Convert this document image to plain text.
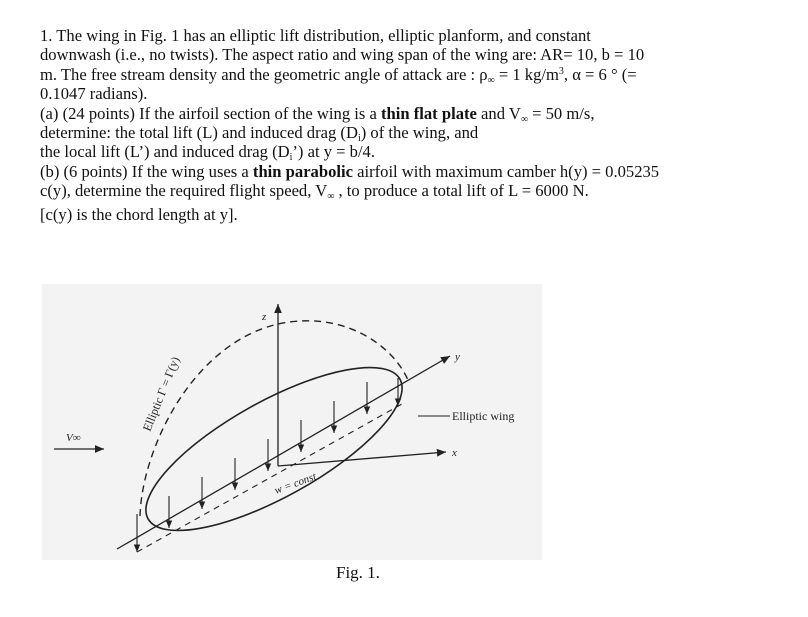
1. The wing in Fig. 1 has an elliptic lift distribution, elliptic planform, and constant
downwash (i.e., no twists). The aspect ratio and wing span of the wing are: AR= 10, b = 10
m. The free stream density and the geometric angle of attack are : $\rho_\infty = 1$ $kg/m^3$, α = 6 ° (=
0.1047 radians).
(a) (24 points) If the airfoil section of the wing is a thin flat plate and $V_\infty = 50$ m/s,
determine: the total lift (L) and induced drag $(D_i)$ of the wing, and
the local lift (L’) and induced drag $(D_i’)$ at y = b/4.
(b) (6 points) If the wing uses a thin parabolic airfoil with maximum camber h(y) = 0.05235
c(y), determine the required flight speed, $V_\infty$ , to produce a total lift of L = 6000 N.
[c(y) is the chord length at y].
z
y
x
V∞
Elliptic Γ = Γ(y)	Elliptic wing
w = const
Fig. 1.
